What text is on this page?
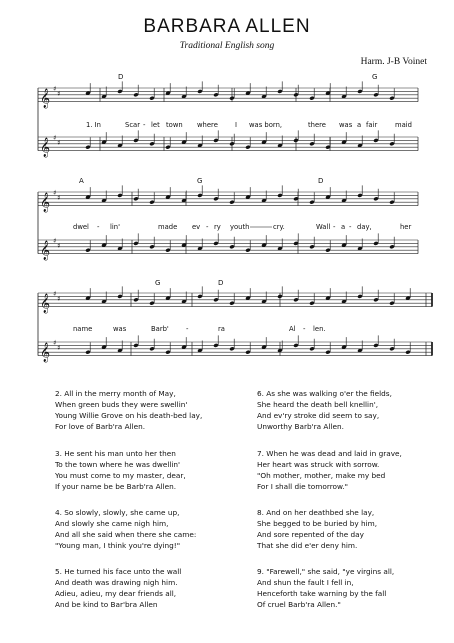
BARBARA ALLEN
Traditional English song
Harm. J-B Voinet
𝄞 ♯
♯
𝄞 ♯
♯
𝄞 ♯
♯
𝄞 ♯
♯
𝄞 ♯
♯
𝄞 ♯
♯
D	G
1. In	Scar - let town where	I was born,	there was a fair	maid
A	G	D
dwel - lin'	made ev - ry youth	cry.	Wall - a - day,	her
G	D
name	was	Barb'	-	ra	Al - len.
2. All in the merry month of May,
When green buds they were swellin'
Young Willie Grove on his death-bed lay,
For love of Barb'ra Allen.
3. He sent his man unto her then
To the town where he was dwellin'
You must come to my master, dear,
If your name be be Barb'ra Allen.
4. So slowly, slowly, she came up,
And slowly she came nigh him,
And all she said when there she came:
"Young man, I think you're dying!"
5. He turned his face unto the wall
And death was drawing nigh him.
Adieu, adieu, my dear friends all,
And be kind to Bar'bra Allen
6. As she was walking o'er the fields,
She heard the death bell knellin',
And ev'ry stroke did seem to say,
Unworthy Barb'ra Allen.
7. When he was dead and laid in grave,
Her heart was struck with sorrow.
"Oh mother, mother, make my bed
For I shall die tomorrow."
8. And on her deathbed she lay,
She begged to be buried by him,
And sore repented of the day
That she did e'er deny him.
9. "Farewell," she said, "ye virgins all,
And shun the fault I fell in,
Henceforth take warning by the fall
Of cruel Barb'ra Allen."
